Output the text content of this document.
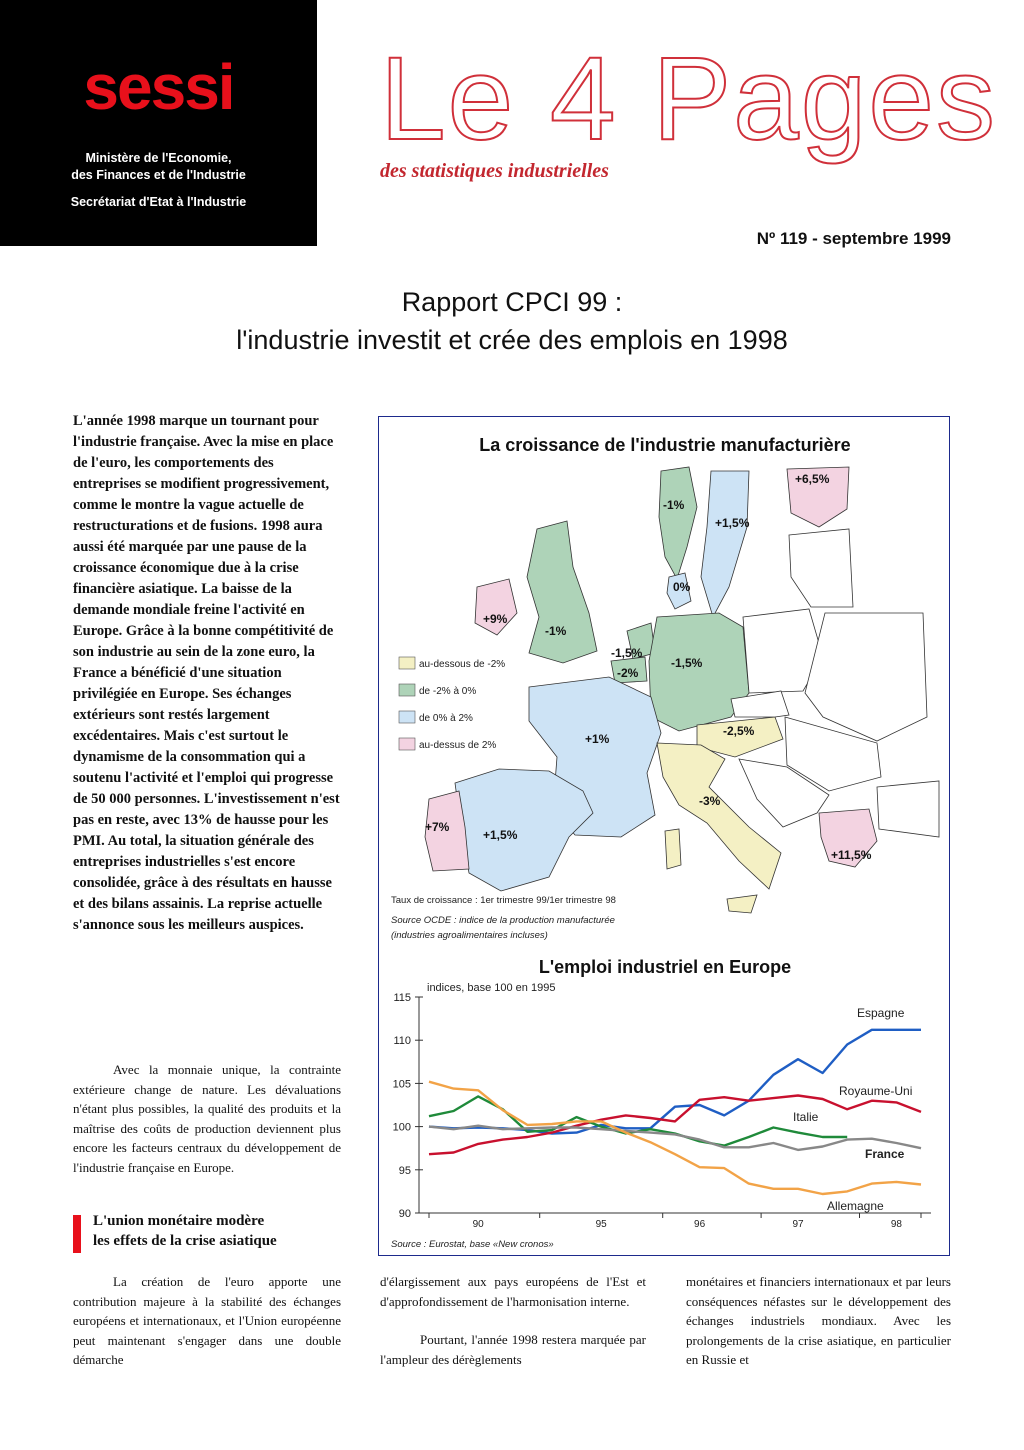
sessi
Ministère de l'Economie,
des Finances et de l'Industrie
Secrétariat d'Etat à l'Industrie
Le 4 Pages
des statistiques industrielles
Nº 119 - septembre 1999
Rapport CPCI 99 :
l'industrie investit et crée des emplois en 1998
L'année 1998 marque un tournant pour l'industrie française. Avec la mise en place de l'euro, les comportements des entreprises se modifient progressivement, comme le montre la vague actuelle de restructurations et de fusions. 1998 aura aussi été marquée par une pause de la croissance économique due à la crise financière asiatique. La baisse de la demande mondiale freine l'activité en Europe. Grâce à la bonne compétitivité de son industrie au sein de la zone euro, la France a bénéficié d'une situation privilégiée en Europe. Ses échanges extérieurs sont restés largement excédentaires. Mais c'est surtout le dynamisme de la consommation qui a soutenu l'activité et l'emploi qui progresse de 50 000 personnes. L'investissement n'est pas en reste, avec 13% de hausse pour les PMI. Au total, la situation générale des entreprises industrielles s'est encore consolidée, grâce à des résultats en hausse et des bilans assainis. La reprise actuelle s'annonce sous les meilleurs auspices.
Avec la monnaie unique, la contrainte extérieure change de nature. Les dévaluations n'étant plus possibles, la qualité des produits et la maîtrise des coûts de production deviennent plus encore les facteurs centraux du développement de l'industrie française en Europe.
L'union monétaire modère
les effets de la crise asiatique
La création de l'euro apporte une contribution majeure à la stabilité des échanges européens et internationaux, et l'Union européenne peut maintenant s'engager dans une double démarche
d'élargissement aux pays européens de l'Est et d'approfondissement de l'harmonisation interne.
Pourtant, l'année 1998 restera marquée par l'ampleur des dérèglements
monétaires et financiers internationaux et par leurs conséquences néfastes sur le développement des échanges industriels mondiaux. Avec les prolongements de la crise asiatique, en particulier en Russie et
La croissance de l'industrie manufacturière
+6,5%
-1%
+1,5%
0%
+9%
-1%
-1,5%
-2%
-1,5%
-2,5%
+1%
-3%
+7%
+1,5%
+11,5%
au-dessous de -2%
de -2% à 0%
de 0% à 2%
au-dessus de 2%
Taux de croissance : 1er trimestre 99/1er trimestre 98
Source OCDE : indice de la production manufacturée
(industries agroalimentaires incluses)
L'emploi industriel en Europe
indices, base 100 en 1995
90
95
100
105
110
115
90	95	96	97	98
Espagne
Royaume-Uni
Italie
France
Allemagne
Source : Eurostat, base «New cronos»
